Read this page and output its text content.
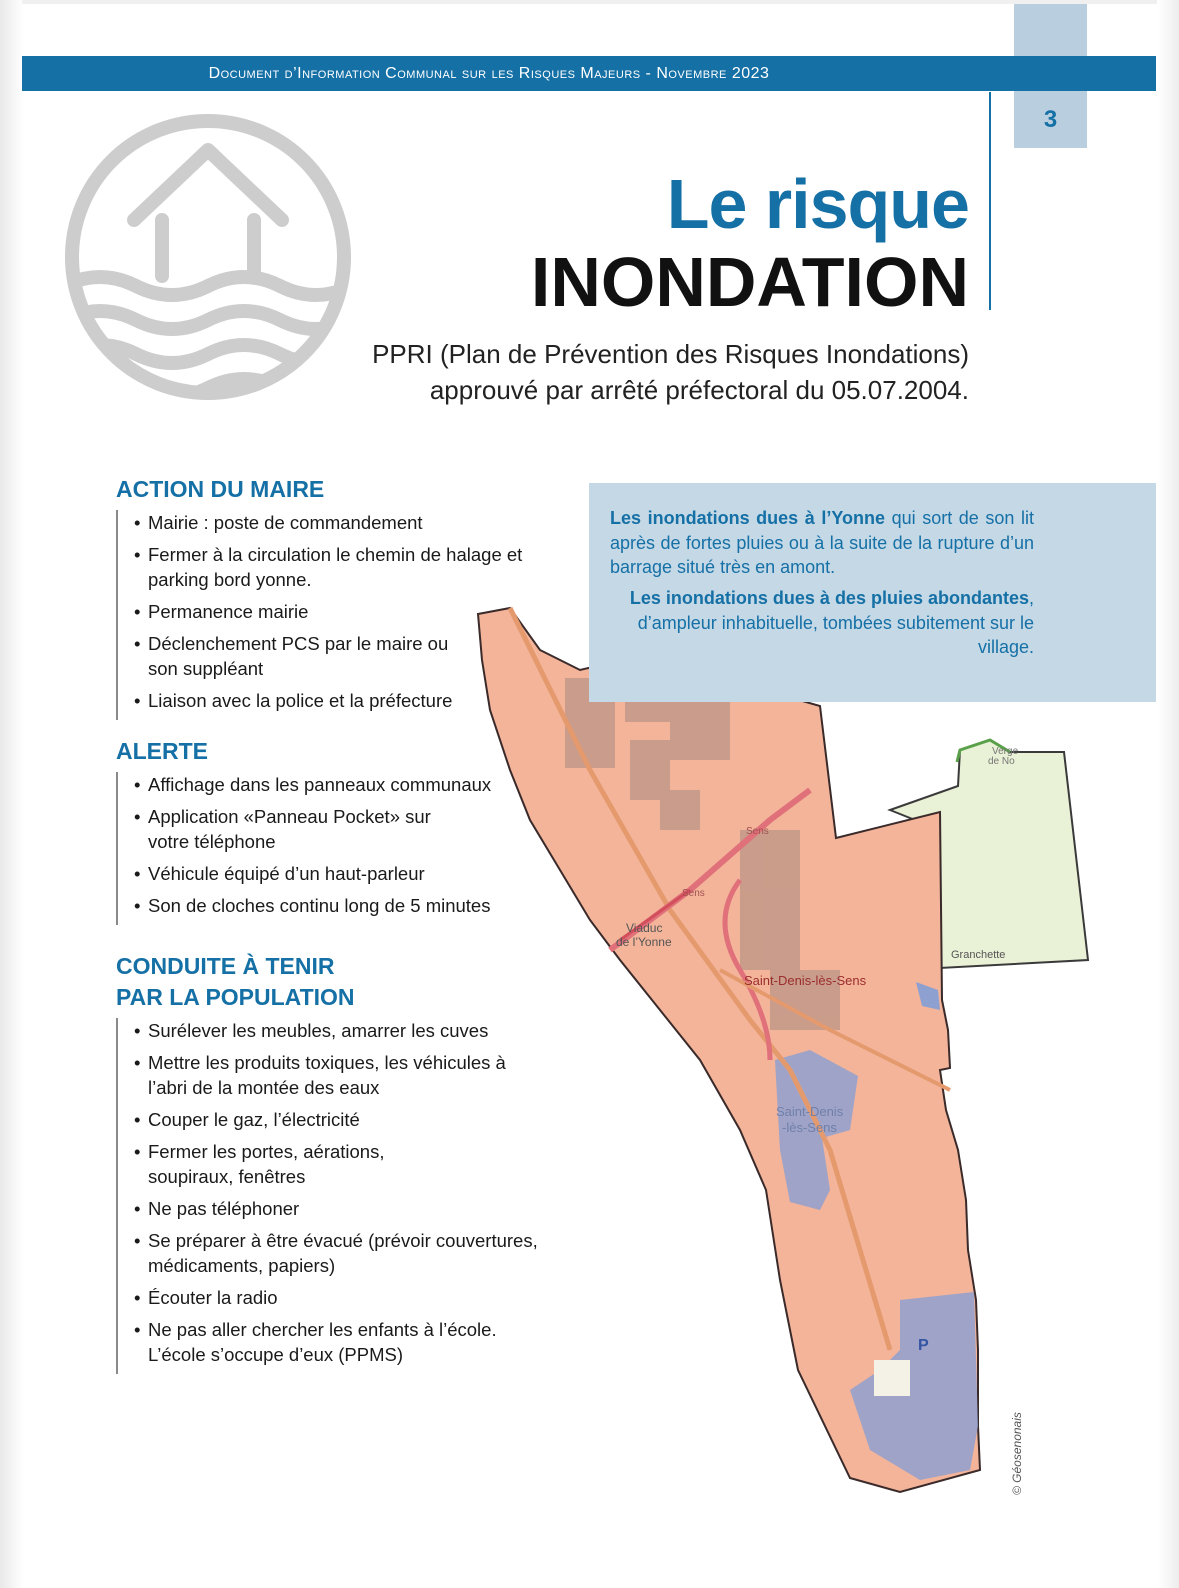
Document d’Information Communal sur les Risques Majeurs - Novembre 2023
3
Le risque
INONDATION
PPRI (Plan de Prévention des Risques Inondations)
approuvé par arrêté préfectoral du 05.07.2004.
ACTION DU MAIRE
• Mairie : poste de commandement
• Fermer à la circulation le chemin de halage et parking bord yonne.
• Permanence mairie
• Déclenchement PCS par le maire ou son suppléant
• Liaison avec la police et la préfecture
ALERTE
• Affichage dans les panneaux communaux
• Application «Panneau Pocket» sur votre téléphone
• Véhicule équipé d’un haut-parleur
• Son de cloches continu long de 5 minutes
CONDUITE À TENIR
PAR LA POPULATION
• Surélever les meubles, amarrer les cuves
• Mettre les produits toxiques, les véhicules à l’abri de la montée des eaux
• Couper le gaz, l’électricité
• Fermer les portes, aérations, soupiraux, fenêtres
• Ne pas téléphoner
• Se préparer à être évacué (prévoir couvertures, médicaments, papiers)
• Écouter la radio
• Ne pas aller chercher les enfants à l’école. L’école s’occupe d’eux (PPMS)
Viaduc
de l’Yonne
Saint-Denis-lès-Sens
Granchette
Sens
Sens
Saint-Denis
-lès-Sens
Verge
de No
P
Les inondations dues à l’Yonne qui sort de son lit après de fortes pluies ou à la suite de la rupture d’un barrage situé très en amont.
Les inondations dues à des pluies abondantes, d’ampleur inhabituelle, tombées subitement sur le village.
© Géosenonais
